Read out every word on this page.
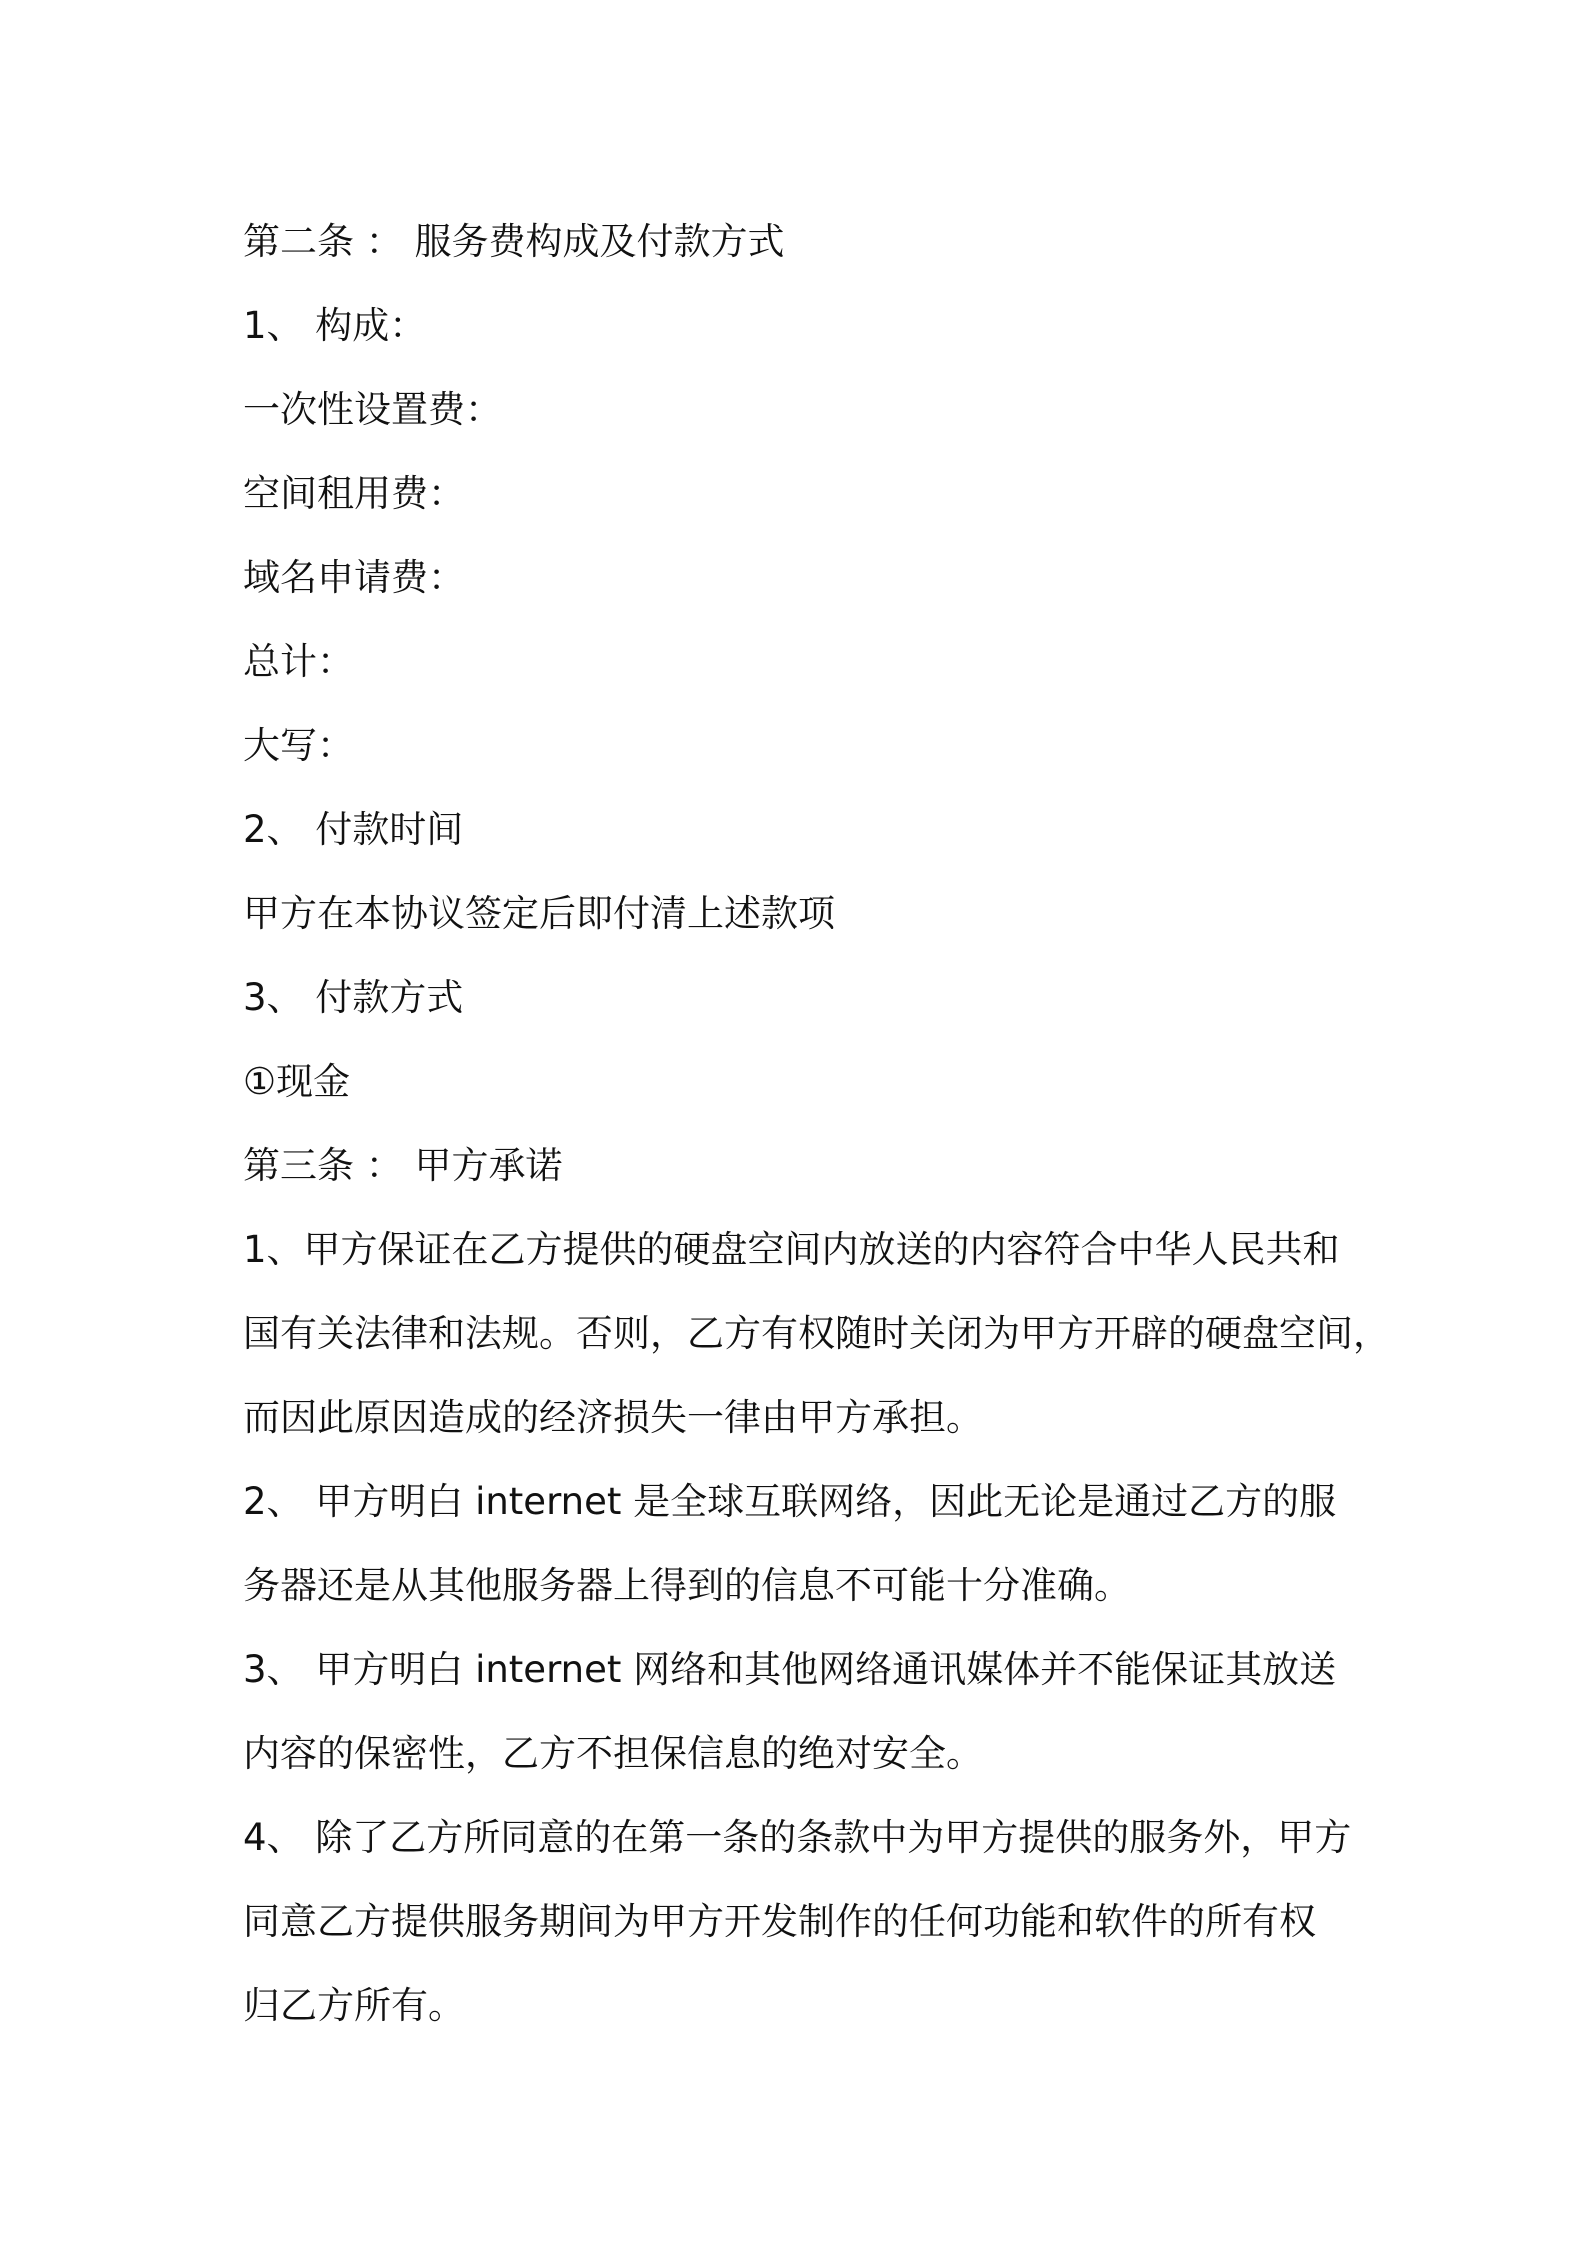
第二条 ： 服务费构成及付款方式
1、 构成：
一次性设置费：
空间租用费：
域名申请费：
总计：
大写：
2、 付款时间
甲方在本协议签定后即付清上述款项
3、 付款方式
①现金
第三条 ： 甲方承诺
1、甲方保证在乙方提供的硬盘空间内放送的内容符合中华人民共和
国有关法律和法规。否则，乙方有权随时关闭为甲方开辟的硬盘空间，
而因此原因造成的经济损失一律由甲方承担。
2、 甲方明白 internet 是全球互联网络，因此无论是通过乙方的服
务器还是从其他服务器上得到的信息不可能十分准确。
3、 甲方明白 internet 网络和其他网络通讯媒体并不能保证其放送
内容的保密性，乙方不担保信息的绝对安全。
4、 除了乙方所同意的在第一条的条款中为甲方提供的服务外，甲方
同意乙方提供服务期间为甲方开发制作的任何功能和软件的所有权
归乙方所有。
